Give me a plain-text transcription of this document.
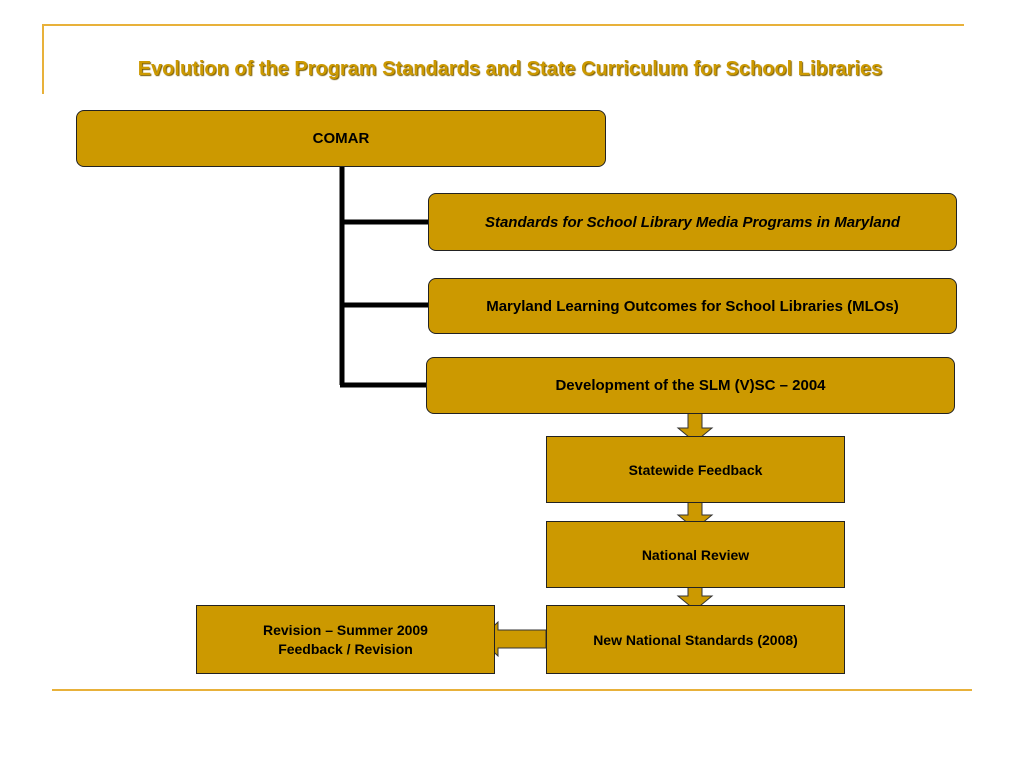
Evolution of the Program Standards and State Curriculum for School Libraries
COMAR
Standards for School Library Media Programs in Maryland
Maryland Learning Outcomes for School Libraries (MLOs)
Development of the SLM (V)SC – 2004
Statewide Feedback
National Review
New National Standards (2008)
Revision – Summer 2009
Feedback / Revision
